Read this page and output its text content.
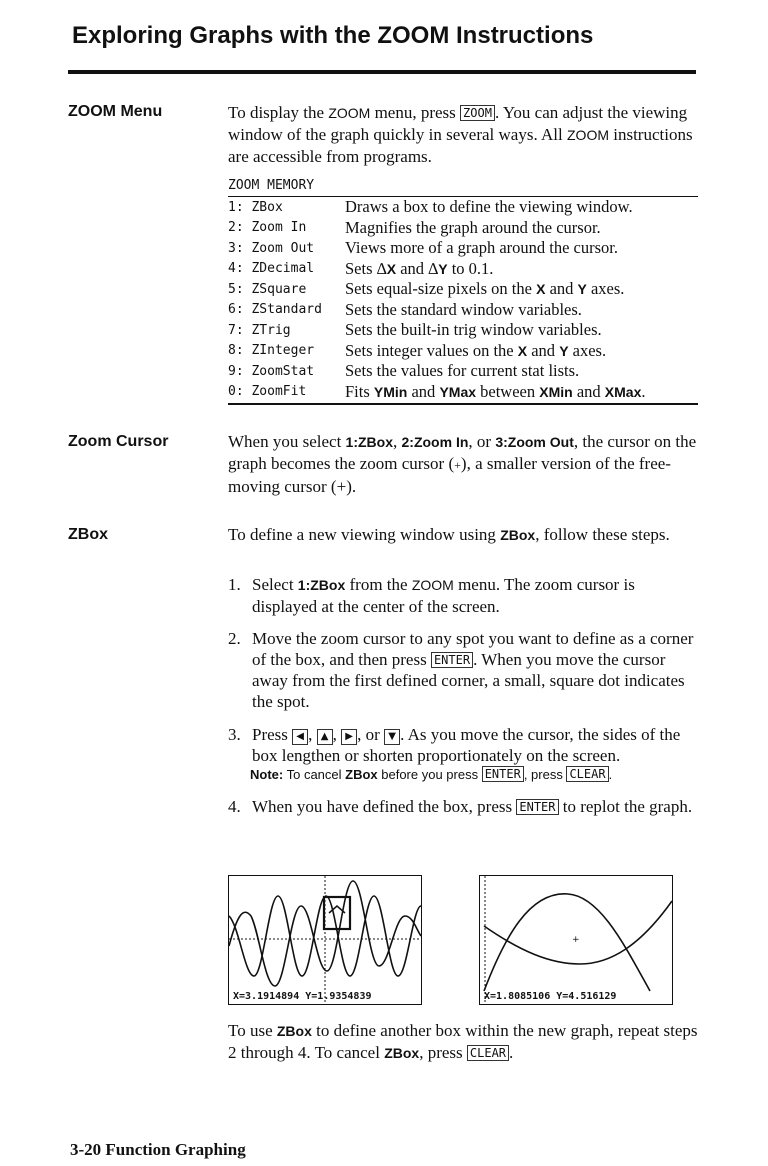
Exploring Graphs with the ZOOM Instructions
ZOOM Menu	To display the ZOOM menu, press ZOOM . You can adjust the viewing window of the graph quickly in several ways. All ZOOM instructions are accessible from programs.

ZOOM MEMORY
1: ZBox	Draws a box to define the viewing window.
2: Zoom In	Magnifies the graph around the cursor.
3: Zoom Out	Views more of a graph around the cursor.
4: ZDecimal	Sets ∆X and ∆Y to 0.1.
5: ZSquare	Sets equal-size pixels on the X and Y axes.
6: ZStandard	Sets the standard window variables.
7: ZTrig	Sets the built-in trig window variables.
8: ZInteger	Sets integer values on the X and Y axes.
9: ZoomStat	Sets the values for current stat lists.
0: ZoomFit	Fits YMin and YMax between XMin and XMax.
Zoom Cursor	When you select 1:ZBox, 2:Zoom In, or 3:Zoom Out, the cursor on the graph becomes the zoom cursor (+), a smaller version of the free-moving cursor (+).

ZBox	To define a new viewing window using ZBox, follow these steps.

1. Select 1:ZBox from the ZOOM menu. The zoom cursor is displayed at the center of the screen.
2. Move the zoom cursor to any spot you want to define as a corner of the box, and then press ENTER . When you move the cursor away from the first defined corner, a small, square dot indicates the spot.
3. Press ◀ , ▲ , ▶ , or ▼ . As you move the cursor, the sides of the box lengthen or shorten proportionately on the screen.
Note: To cancel ZBox before you press ENTER , press CLEAR .
4. When you have defined the box, press ENTER to replot the graph.
X=3.1914894 Y=1.9354839
+
X=1.8085106 Y=4.516129

To use ZBox to define another box within the new graph, repeat steps 2 through 4. To cancel ZBox, press CLEAR .

3-20 Function Graphing
